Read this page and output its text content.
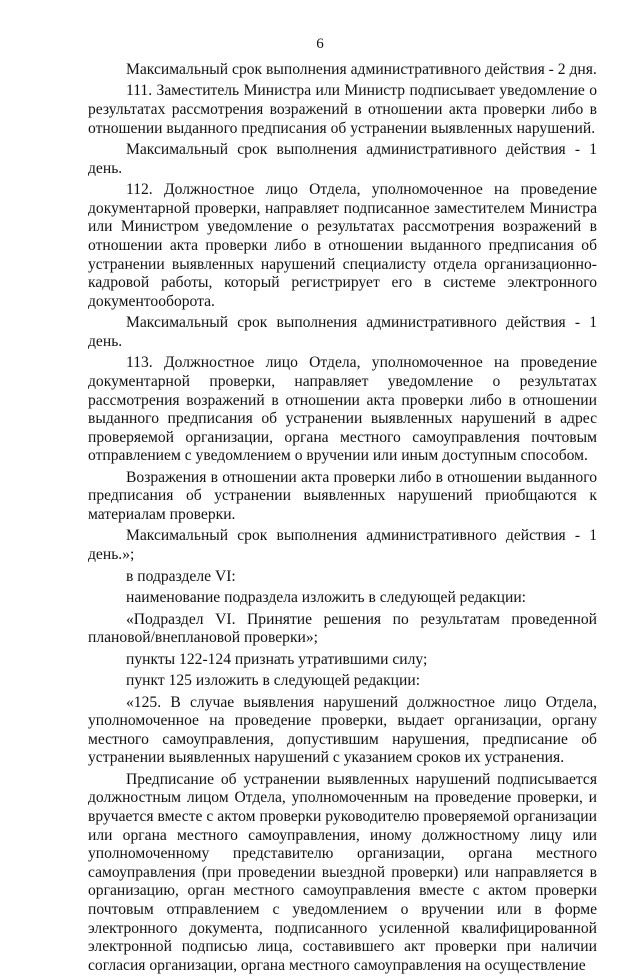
6

Максимальный срок выполнения административного действия - 2 дня.

111. Заместитель Министра или Министр подписывает уведомление о результатах рассмотрения возражений в отношении акта проверки либо в отношении выданного предписания об устранении выявленных нарушений.

Максимальный срок выполнения административного действия - 1 день.

112. Должностное лицо Отдела, уполномоченное на проведение документарной проверки, направляет подписанное заместителем Министра или Министром уведомление о результатах рассмотрения возражений в отношении акта проверки либо в отношении выданного предписания об устранении выявленных нарушений специалисту отдела организационно-кадровой работы, который регистрирует его в системе электронного документооборота.

Максимальный срок выполнения административного действия - 1 день.

113. Должностное лицо Отдела, уполномоченное на проведение документарной проверки, направляет уведомление о результатах рассмотрения возражений в отношении акта проверки либо в отношении выданного предписания об устранении выявленных нарушений в адрес проверяемой организации, органа местного самоуправления почтовым отправлением с уведомлением о вручении или иным доступным способом.

Возражения в отношении акта проверки либо в отношении выданного предписания об устранении выявленных нарушений приобщаются к материалам проверки.

Максимальный срок выполнения административного действия - 1 день.»;

в подразделе VI:

наименование подраздела изложить в следующей редакции:

«Подраздел VI. Принятие решения по результатам проведенной плановой/внеплановой проверки»;

пункты 122-124 признать утратившими силу;

пункт 125 изложить в следующей редакции:

«125. В случае выявления нарушений должностное лицо Отдела, уполномоченное на проведение проверки, выдает организации, органу местного самоуправления, допустившим нарушения, предписание об устранении выявленных нарушений с указанием сроков их устранения.

Предписание об устранении выявленных нарушений подписывается должностным лицом Отдела, уполномоченным на проведение проверки, и вручается вместе с актом проверки руководителю проверяемой организации или органа местного самоуправления, иному должностному лицу или уполномоченному представителю организации, органа местного самоуправления (при проведении выездной проверки) или направляется в организацию, орган местного самоуправления вместе с актом проверки почтовым отправлением с уведомлением о вручении или в форме электронного документа, подписанного усиленной квалифицированной электронной подписью лица, составившего акт проверки при наличии согласия организации, органа местного самоуправления на осуществление
